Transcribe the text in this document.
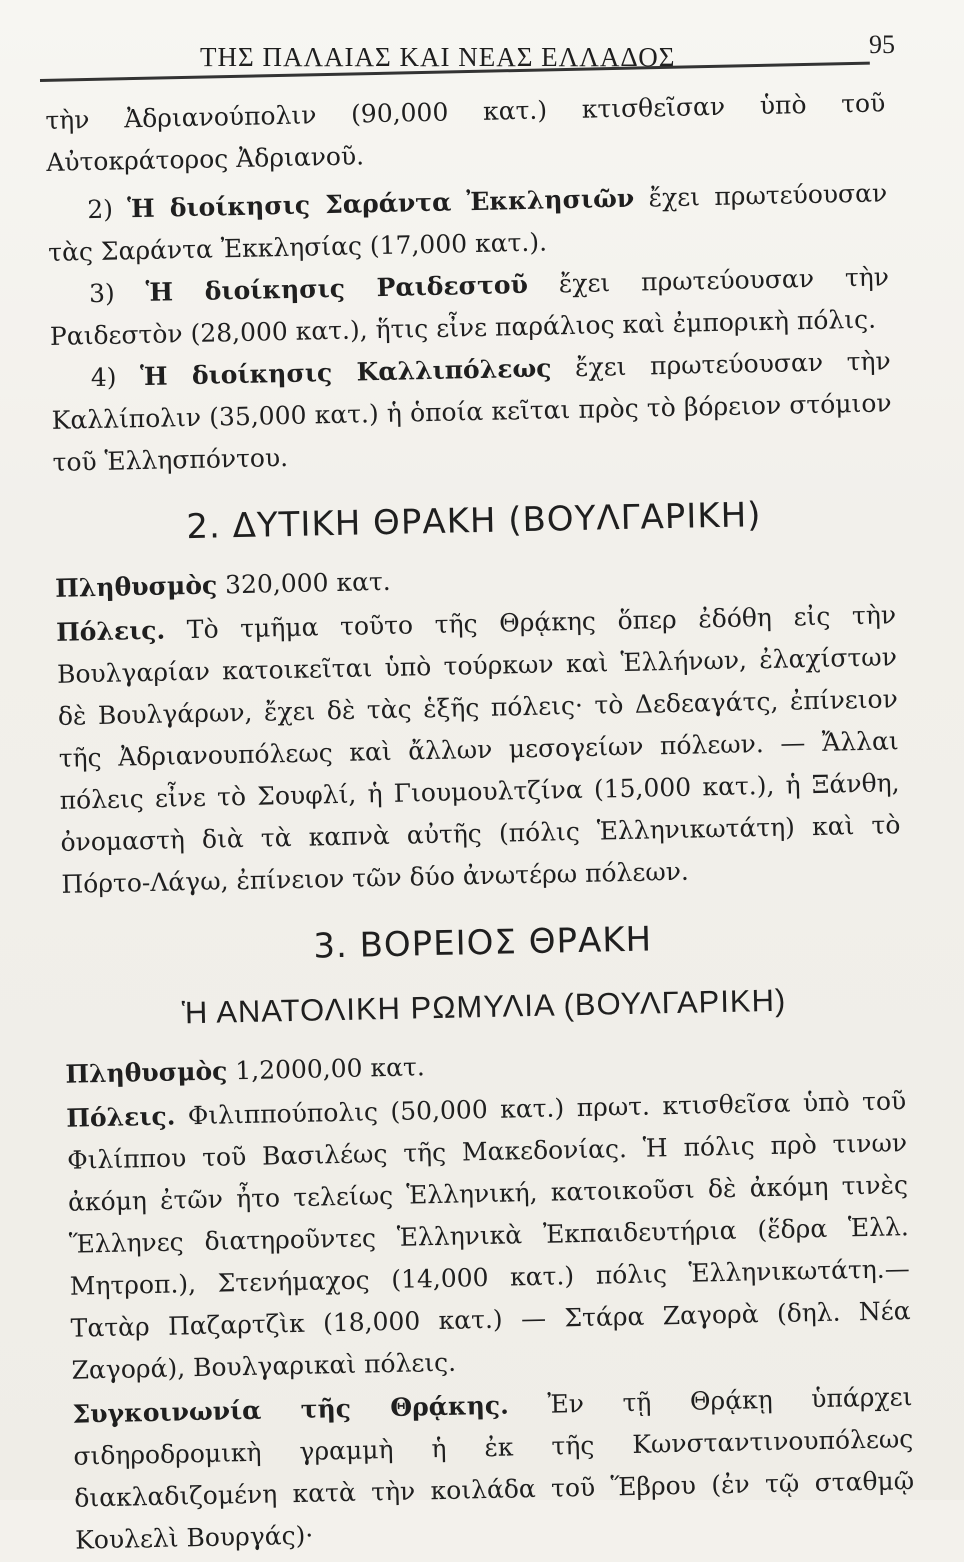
ΤΗΣ ΠΑΛΑΙΑΣ ΚΑΙ ΝΕΑΣ ΕΛΛΑΔΟΣ	95

τὴν Ἀδριανούπολιν (90,000 κατ.) κτισθεῖσαν ὑπὸ τοῦ Αὐτοκράτορος Ἀδριανοῦ.

2) Ἡ διοίκησις Σαράντα Ἐκκλησιῶν ἔχει πρωτεύουσαν τὰς Σαράντα Ἐκκλησίας (17,000 κατ.).

3) Ἡ διοίκησις Ραιδεστοῦ ἔχει πρωτεύουσαν τὴν Ραιδεστὸν (28,000 κατ.), ἥτις εἶνε παράλιος καὶ ἐμπορικὴ πόλις.

4) Ἡ διοίκησις Καλλιπόλεως ἔχει πρωτεύουσαν τὴν Καλλίπολιν (35,000 κατ.) ἡ ὁποία κεῖται πρὸς τὸ βόρειον στόμιον τοῦ Ἑλλησπόντου.

2. ΔΥΤΙΚΗ ΘΡΑΚΗ (ΒΟΥΛΓΑΡΙΚΗ)

Πληθυσμὸς 320,000 κατ.

Πόλεις. Τὸ τμῆμα τοῦτο τῆς Θρᾴκης ὅπερ ἐδόθη εἰς τὴν Βουλγαρίαν κατοικεῖται ὑπὸ τούρκων καὶ Ἑλλήνων, ἐλαχίστων δὲ Βουλγάρων, ἔχει δὲ τὰς ἑξῆς πόλεις· τὸ Δεδεαγάτς, ἐπίνειον τῆς Ἀδριανουπόλεως καὶ ἄλλων μεσογείων πόλεων. — Ἄλλαι πόλεις εἶνε τὸ Σουφλί, ἡ Γιουμουλτζίνα (15,000 κατ.), ἡ Ξάνθη, ὀνομαστὴ διὰ τὰ καπνὰ αὐτῆς (πόλις Ἑλληνικωτάτη) καὶ τὸ Πόρτο-Λάγω, ἐπίνειον τῶν δύο ἀνωτέρω πόλεων.

3. ΒΟΡΕΙΟΣ ΘΡΑΚΗ
Ἡ ΑΝΑΤΟΛΙΚΗ ΡΩΜΥΛΙΑ (ΒΟΥΛΓΑΡΙΚΗ)

Πληθυσμὸς 1,2000,00 κατ.

Πόλεις. Φιλιππούπολις (50,000 κατ.) πρωτ. κτισθεῖσα ὑπὸ τοῦ Φιλίππου τοῦ Βασιλέως τῆς Μακεδονίας. Ἡ πόλις πρὸ τινων ἀκόμη ἐτῶν ἦτο τελείως Ἑλληνική, κατοικοῦσι δὲ ἀκόμη τινὲς Ἕλληνες διατηροῦντες Ἑλληνικὰ Ἐκπαιδευτήρια (ἕδρα Ἑλλ. Μητροπ.), Στενήμαχος (14,000 κατ.) πόλις Ἑλληνικωτάτη.— Τατὰρ Παζαρτζὶκ (18,000 κατ.) — Στάρα Ζαγορὰ (δηλ. Νέα Ζαγορά), Βουλγαρικαὶ πόλεις.

Συγκοινωνία τῆς Θρᾴκης. Ἐν τῇ Θρᾴκῃ ὑπάρχει σιδηροδρομικὴ γραμμὴ ἡ ἐκ τῆς Κωνσταντινουπόλεως διακλαδιζομένη κατὰ τὴν κοιλάδα τοῦ Ἕβρου (ἐν τῷ σταθμῷ Κουλελὶ Βουργάς)·
